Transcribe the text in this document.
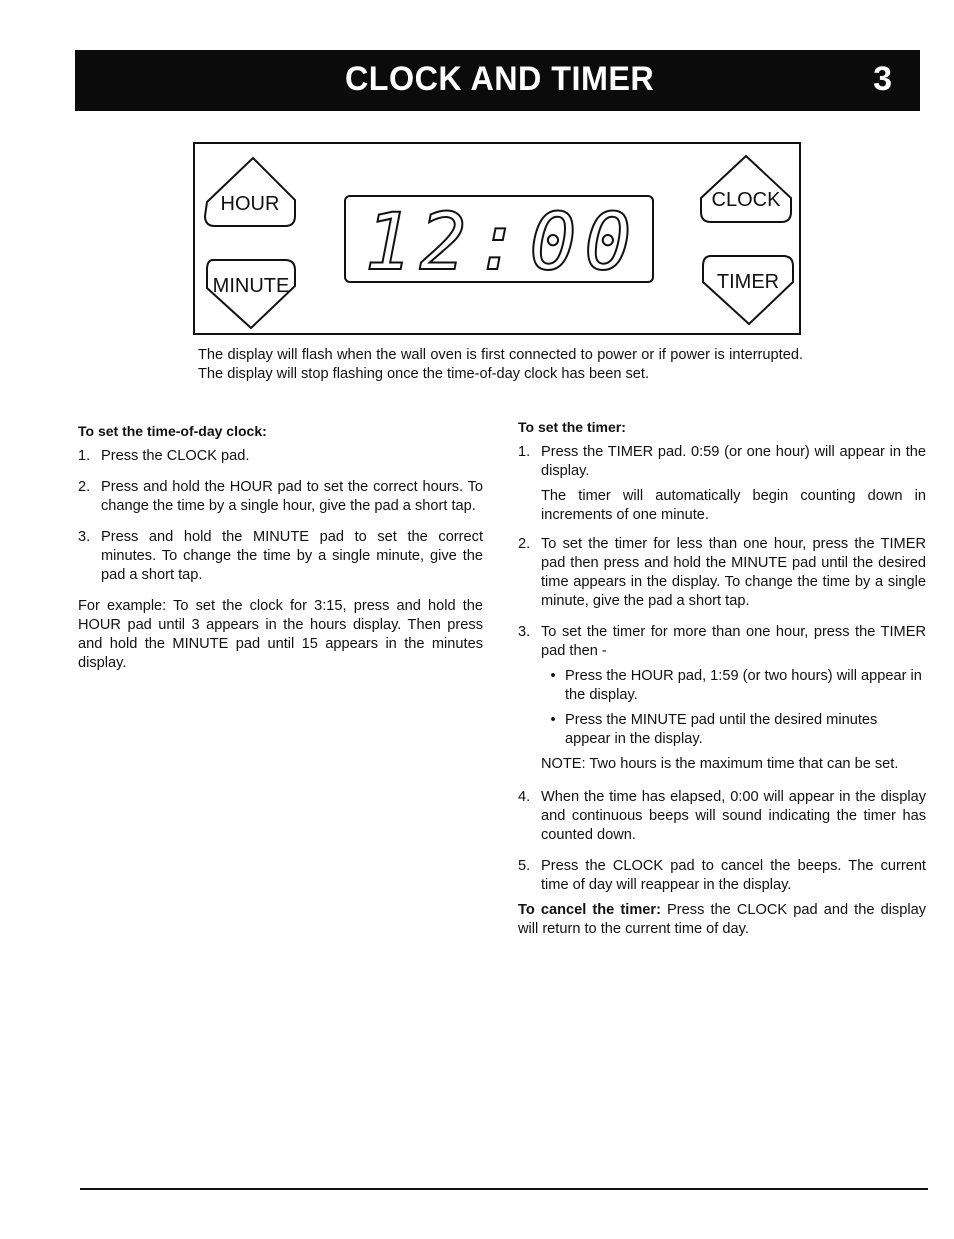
CLOCK AND TIMER	3
HOUR
MINUTE
CLOCK
TIMER
12:00
The display will flash when the wall oven is first connected to power or if power is interrupted. The display will stop flashing once the time-of-day clock has been set.
To set the time-of-day clock:
1. Press the CLOCK pad.
2. Press and hold the HOUR pad to set the correct hours. To change the time by a single hour, give the pad a short tap.
3. Press and hold the MINUTE pad to set the correct minutes. To change the time by a single minute, give the pad a short tap.
For example: To set the clock for 3:15, press and hold the HOUR pad until 3 appears in the hours display. Then press and hold the MINUTE pad until 15 appears in the minutes display.
To set the timer:
1. Press the TIMER pad. 0:59 (or one hour) will appear in the display.
The timer will automatically begin counting down in increments of one minute.
2. To set the timer for less than one hour, press the TIMER pad then press and hold the MINUTE pad until the desired time appears in the display. To change the time by a single minute, give the pad a short tap.
3. To set the timer for more than one hour, press the TIMER pad then -
• Press the HOUR pad, 1:59 (or two hours) will appear in the display.
• Press the MINUTE pad until the desired minutes appear in the display.
NOTE: Two hours is the maximum time that can be set.
4. When the time has elapsed, 0:00 will appear in the display and continuous beeps will sound indicating the timer has counted down.
5. Press the CLOCK pad to cancel the beeps. The current time of day will reappear in the display.
To cancel the timer: Press the CLOCK pad and the display will return to the current time of day.
